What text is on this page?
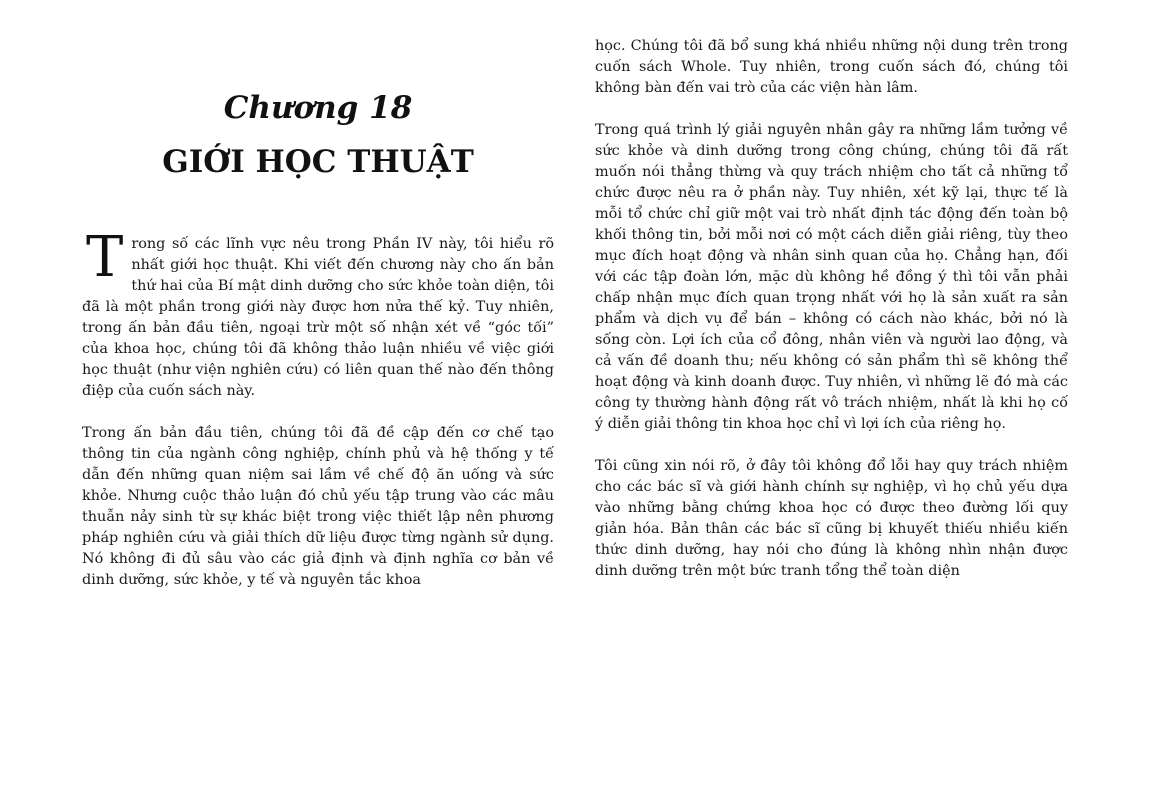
Chương 18
GIỚI HỌC THUẬT

Trong số các lĩnh vực nêu trong Phần IV này, tôi hiểu rõ nhất giới học thuật. Khi viết đến chương này cho ấn bản thứ hai của Bí mật dinh dưỡng cho sức khỏe toàn diện, tôi đã là một phần trong giới này được hơn nửa thế kỷ. Tuy nhiên, trong ấn bản đầu tiên, ngoại trừ một số nhận xét về “góc tối” của khoa học, chúng tôi đã không thảo luận nhiều về việc giới học thuật (như viện nghiên cứu) có liên quan thế nào đến thông điệp của cuốn sách này.

Trong ấn bản đầu tiên, chúng tôi đã đề cập đến cơ chế tạo thông tin của ngành công nghiệp, chính phủ và hệ thống y tế dẫn đến những quan niệm sai lầm về chế độ ăn uống và sức khỏe. Nhưng cuộc thảo luận đó chủ yếu tập trung vào các mâu thuẫn nảy sinh từ sự khác biệt trong việc thiết lập nên phương pháp nghiên cứu và giải thích dữ liệu được từng ngành sử dụng. Nó không đi đủ sâu vào các giả định và định nghĩa cơ bản về dinh dưỡng, sức khỏe, y tế và nguyên tắc khoa

học. Chúng tôi đã bổ sung khá nhiều những nội dung trên trong cuốn sách Whole. Tuy nhiên, trong cuốn sách đó, chúng tôi không bàn đến vai trò của các viện hàn lâm.

Trong quá trình lý giải nguyên nhân gây ra những lầm tưởng về sức khỏe và dinh dưỡng trong công chúng, chúng tôi đã rất muốn nói thẳng thừng và quy trách nhiệm cho tất cả những tổ chức được nêu ra ở phần này. Tuy nhiên, xét kỹ lại, thực tế là mỗi tổ chức chỉ giữ một vai trò nhất định tác động đến toàn bộ khối thông tin, bởi mỗi nơi có một cách diễn giải riêng, tùy theo mục đích hoạt động và nhân sinh quan của họ. Chẳng hạn, đối với các tập đoàn lớn, mặc dù không hề đồng ý thì tôi vẫn phải chấp nhận mục đích quan trọng nhất với họ là sản xuất ra sản phẩm và dịch vụ để bán – không có cách nào khác, bởi nó là sống còn. Lợi ích của cổ đông, nhân viên và người lao động, và cả vấn đề doanh thu; nếu không có sản phẩm thì sẽ không thể hoạt động và kinh doanh được. Tuy nhiên, vì những lẽ đó mà các công ty thường hành động rất vô trách nhiệm, nhất là khi họ cố ý diễn giải thông tin khoa học chỉ vì lợi ích của riêng họ.

Tôi cũng xin nói rõ, ở đây tôi không đổ lỗi hay quy trách nhiệm cho các bác sĩ và giới hành chính sự nghiệp, vì họ chủ yếu dựa vào những bằng chứng khoa học có được theo đường lối quy giản hóa. Bản thân các bác sĩ cũng bị khuyết thiếu nhiều kiến thức dinh dưỡng, hay nói cho đúng là không nhìn nhận được dinh dưỡng trên một bức tranh tổng thể toàn diện
